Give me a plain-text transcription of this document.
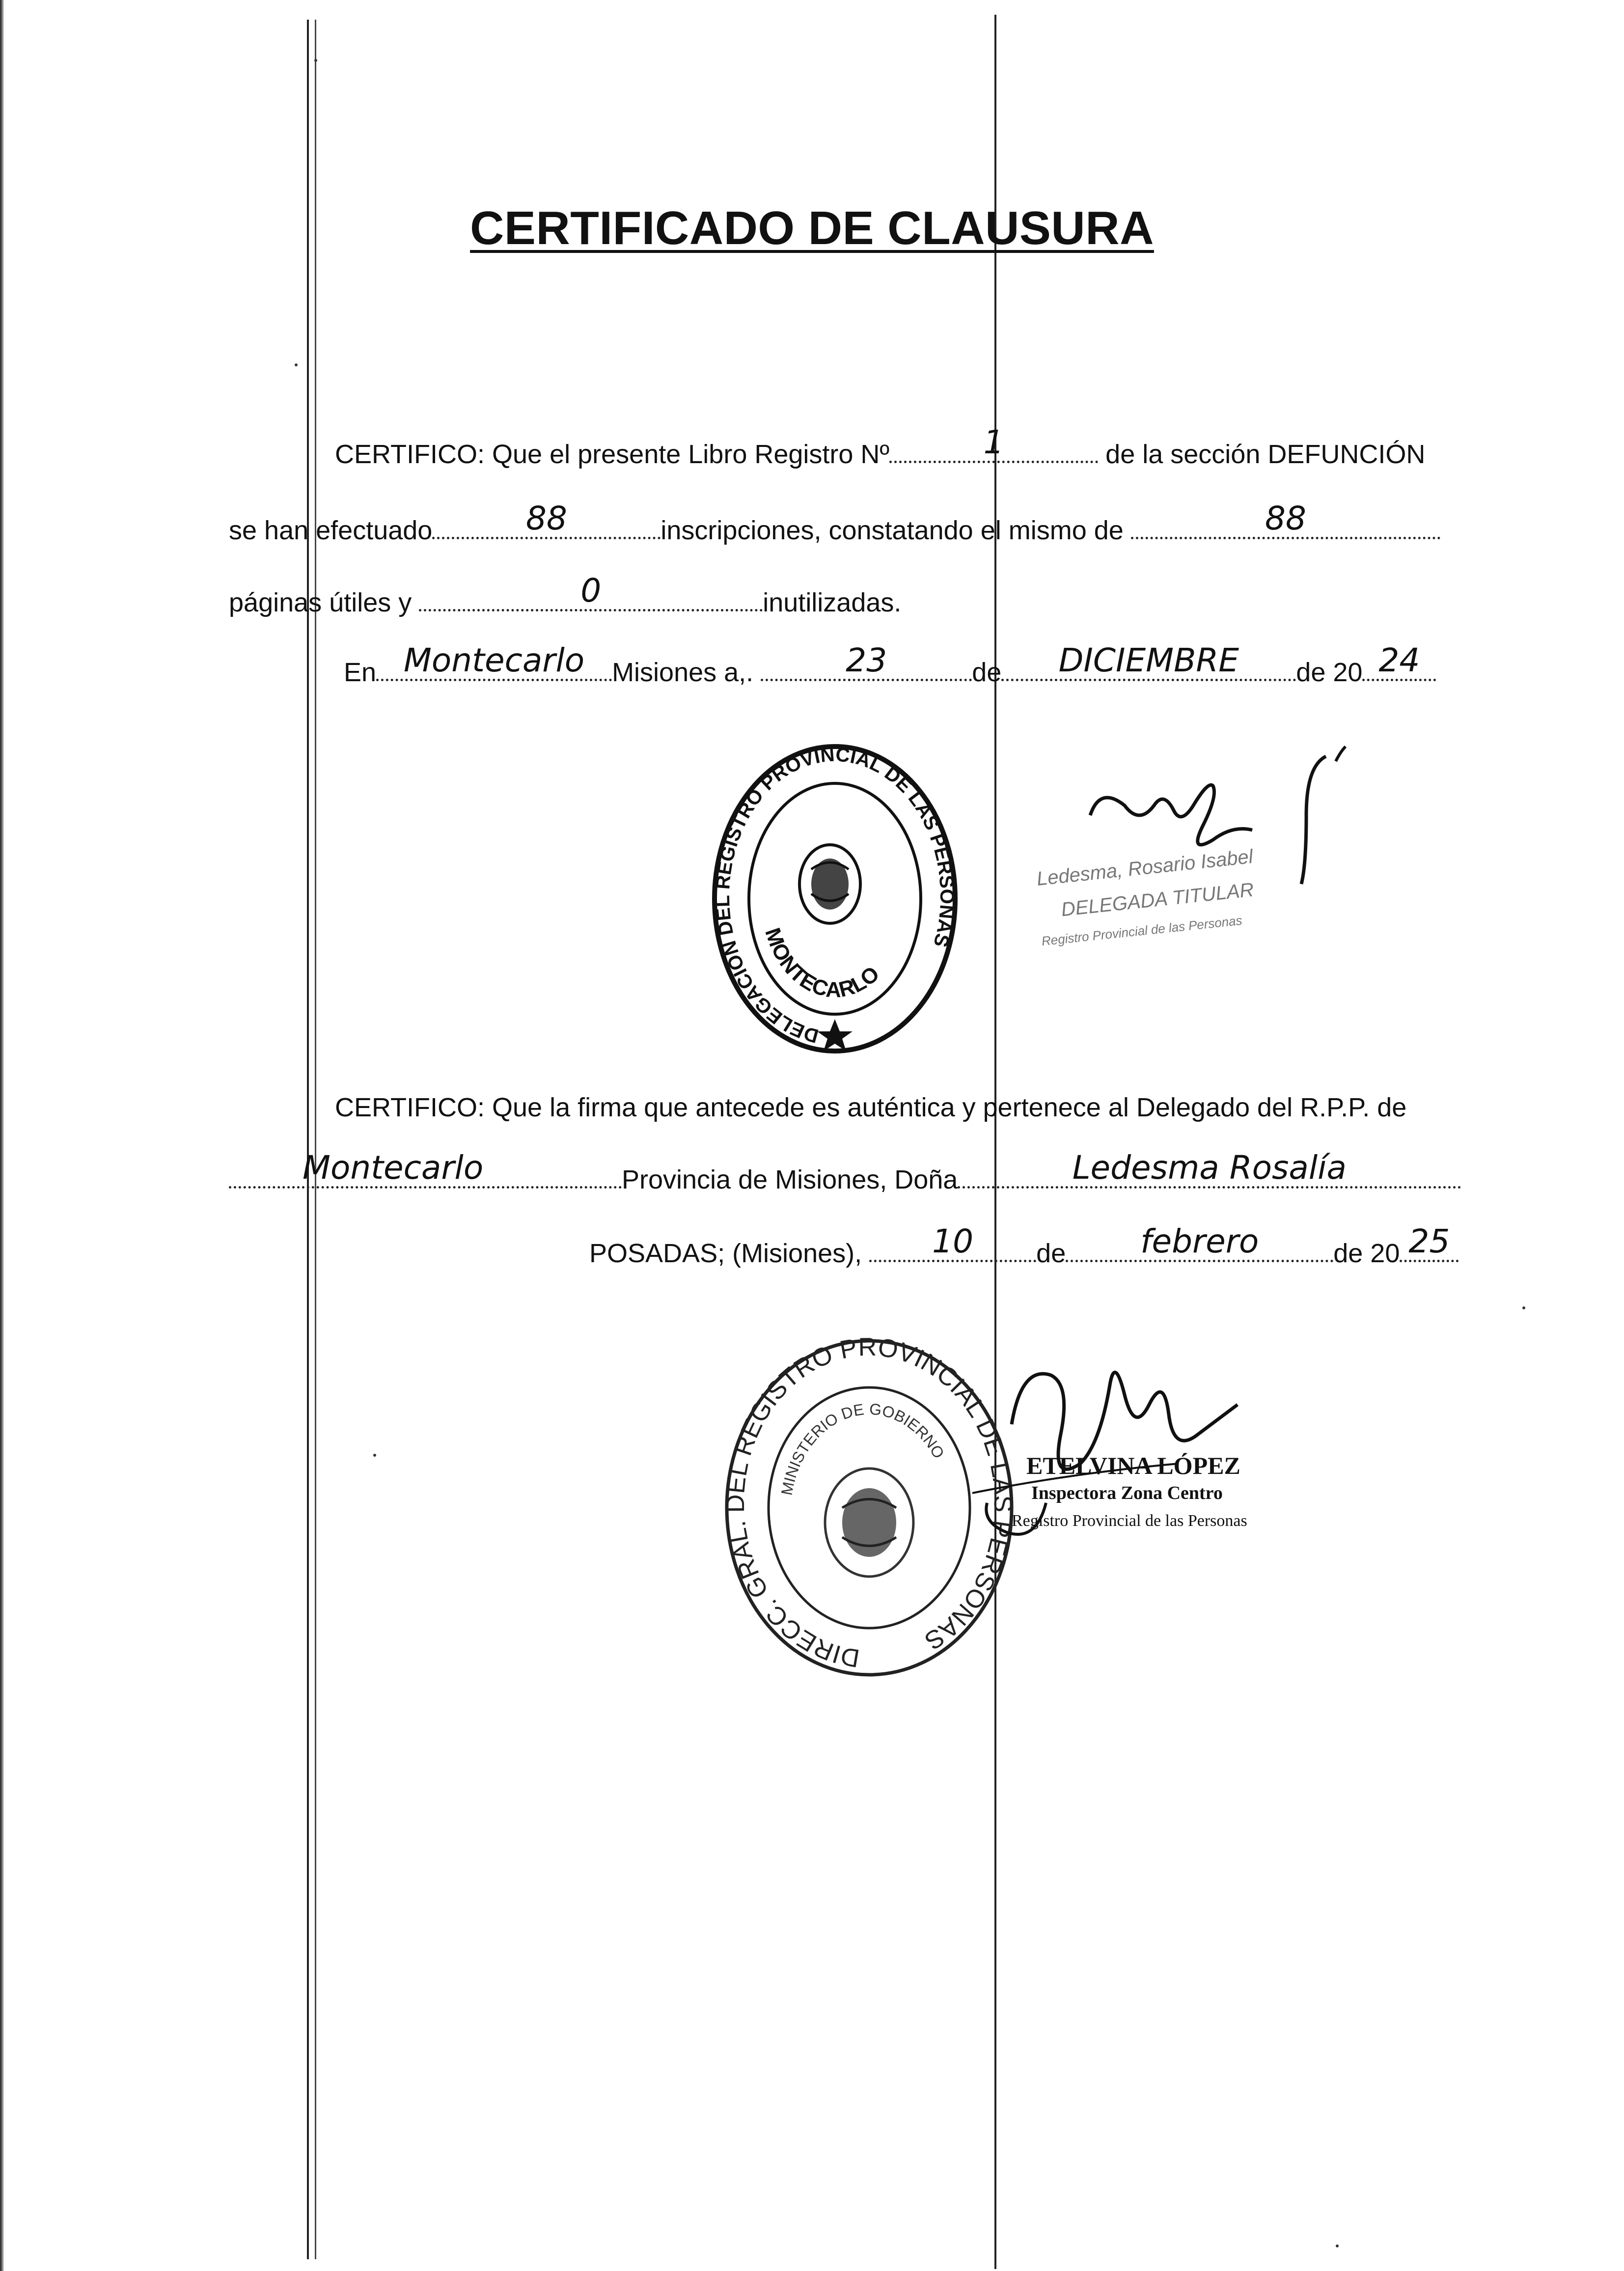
CERTIFICADO DE CLAUSURA
CERTIFICO: Que el presente Libro Registro Nº	1	de la sección DEFUNCIÓN
se han efectuado	88	inscripciones, constatando el mismo de	88
páginas útiles y	0	inutilizadas.
En Montecarlo	Misiones a,.	23	de	DICIEMBRE	de 20 24
DELEGACION DEL REGISTRO PROVINCIAL DE LAS PERSONAS
MONTECARLO
Ledesma, Rosario Isabel
DELEGADA TITULAR
Registro Provincial de las Personas
CERTIFICO: Que la firma que antecede es auténtica y pertenece al Delegado del R.P.P. de
Montecarlo	Provincia de Misiones, Doña	Ledesma Rosalía
POSADAS; (Misiones),	10	de	febrero	de 20 25
DIRECC. GRAL. DEL REGISTRO PROVINCIAL DE LAS PERSONAS
MINISTERIO DE GOBIERNO
ETELVINA LÓPEZ
Inspectora Zona Centro
Registro Provincial de las Personas
